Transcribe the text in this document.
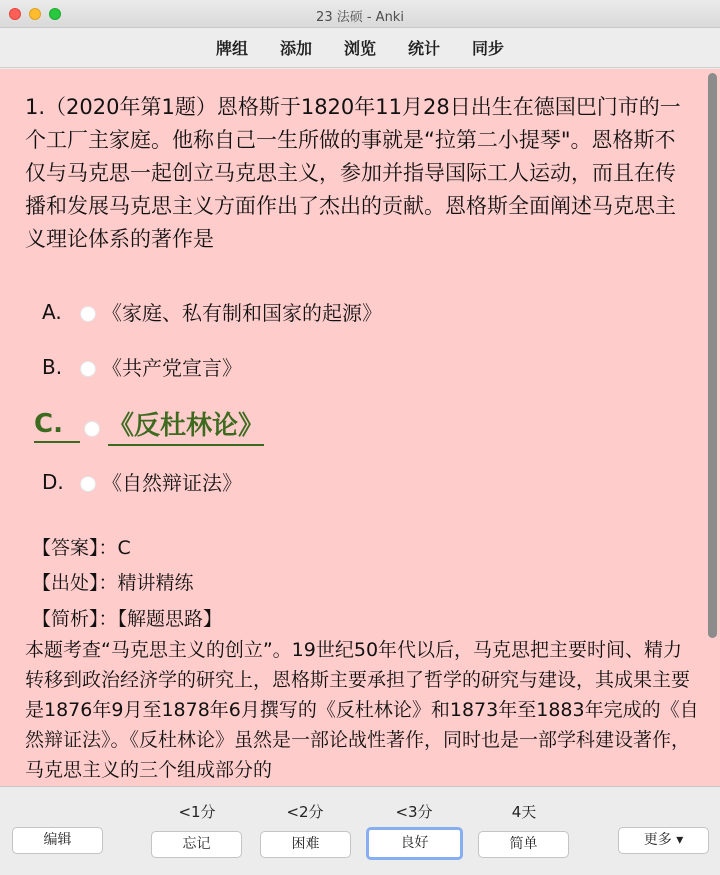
23 法硕 - Anki
牌组 添加 浏览 统计 同步
1.（2020年第1题）恩格斯于1820年11月28日出生在德国巴门市的一个工厂主家庭。他称自己一生所做的事就是“拉第二小提琴"。恩格斯不仅与马克思一起创立马克思主义，参加并指导国际工人运动，而且在传播和发展马克思主义方面作出了杰出的贡献。恩格斯全面阐述马克思主义理论体系的著作是
A.	《家庭、私有制和国家的起源》
B.	《共产党宣言》
C.	《反杜林论》
D.	《自然辩证法》
【答案】：C
【出处】：精讲精练
【简析】：【解题思路】
本题考查“马克思主义的创立”。19世纪50年代以后，马克思把主要时间、精力转移到政治经济学的研究上，恩格斯主要承担了哲学的研究与建设，其成果主要是1876年9月至1878年6月撰写的《反杜林论》和1873年至1883年完成的《自然辩证法》。《反杜林论》虽然是一部论战性著作，同时也是一部学科建设著作，马克思主义的三个组成部分的
<1分	<2分	<3分	4天
编辑	忘记	困难	良好	简单	更多 ▾
